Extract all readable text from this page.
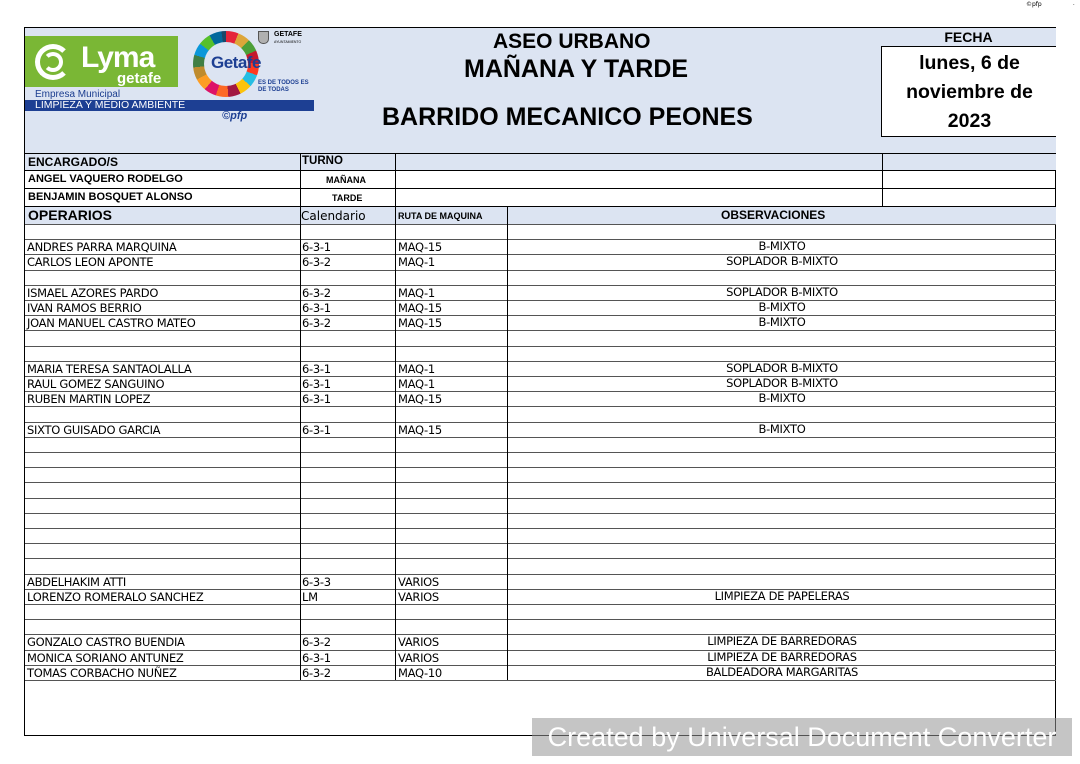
©pfp	.
Lyma
getafe
Empresa Municipal
LIMPIEZA Y MEDIO AMBIENTE
©pfp
Getafe
GETAFE
AYUNTAMIENTO
ES DE TODOS ES DE TODAS
ASEO URBANO
MAÑANA Y TARDE
BARRIDO MECANICO PEONES
FECHA
lunes, 6 de
noviembre de
2023
ENCARGADO/S	TURNO
ANGEL VAQUERO RODELGO	MAÑANA
BENJAMIN BOSQUET ALONSO	TARDE
OPERARIOS	Calendario	RUTA DE MAQUINA	OBSERVACIONES
ANDRES PARRA MARQUINA	6-3-1	MAQ-15	B-MIXTO
CARLOS LEON APONTE	6-3-2	MAQ-1	SOPLADOR B-MIXTO
ISMAEL AZORES PARDO	6-3-2	MAQ-1	SOPLADOR B-MIXTO
IVAN RAMOS BERRIO	6-3-1	MAQ-15	B-MIXTO
JOAN MANUEL CASTRO MATEO	6-3-2	MAQ-15	B-MIXTO
MARIA TERESA SANTAOLALLA	6-3-1	MAQ-1	SOPLADOR B-MIXTO
RAUL GOMEZ SANGUINO	6-3-1	MAQ-1	SOPLADOR B-MIXTO
RUBEN MARTIN LOPEZ	6-3-1	MAQ-15	B-MIXTO
SIXTO GUISADO GARCIA	6-3-1	MAQ-15	B-MIXTO
ABDELHAKIM ATTI	6-3-3	VARIOS
LORENZO ROMERALO SANCHEZ	LM	VARIOS	LIMPIEZA DE PAPELERAS
GONZALO CASTRO BUENDIA	6-3-2	VARIOS	LIMPIEZA DE BARREDORAS
MONICA SORIANO ANTUNEZ	6-3-1	VARIOS	LIMPIEZA DE BARREDORAS
TOMAS CORBACHO NUÑEZ	6-3-2	MAQ-10	BALDEADORA MARGARITAS
Created by Universal Document Converter
